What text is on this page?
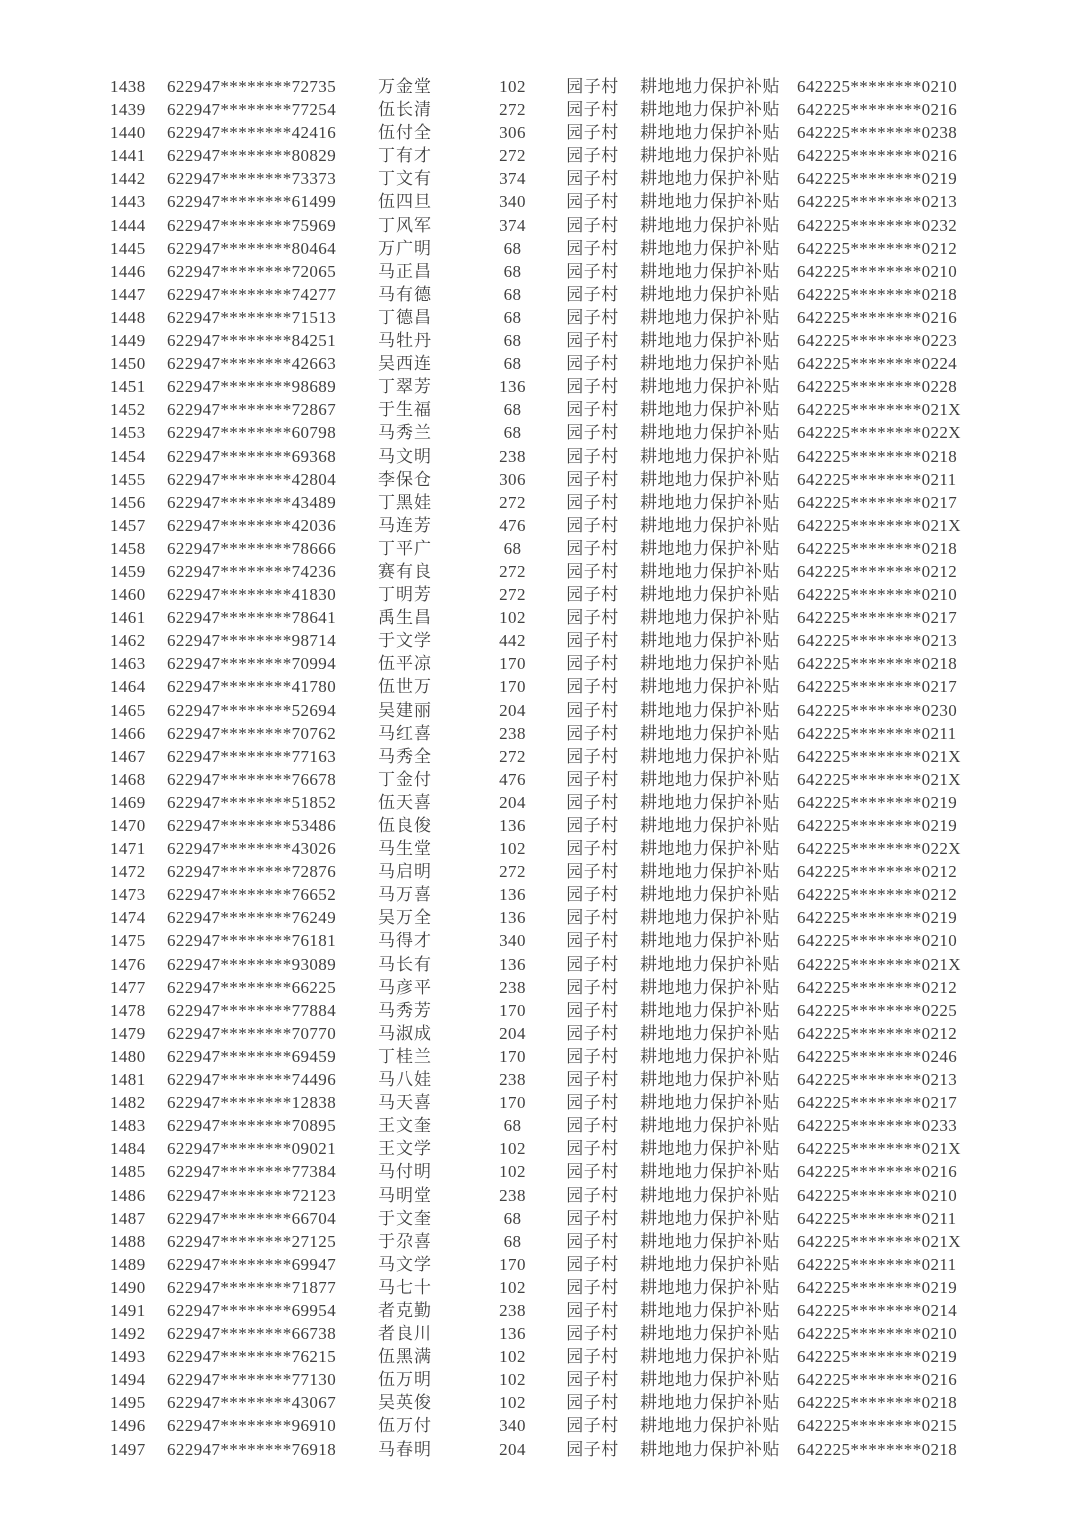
1438	622947********72735	万金堂	102	园子村	耕地地力保护补贴	642225********0210
1439	622947********77254	伍长清	272	园子村	耕地地力保护补贴	642225********0216
1440	622947********42416	伍付全	306	园子村	耕地地力保护补贴	642225********0238
1441	622947********80829	丁有才	272	园子村	耕地地力保护补贴	642225********0216
1442	622947********73373	丁文有	374	园子村	耕地地力保护补贴	642225********0219
1443	622947********61499	伍四旦	340	园子村	耕地地力保护补贴	642225********0213
1444	622947********75969	丁风军	374	园子村	耕地地力保护补贴	642225********0232
1445	622947********80464	万广明	68	园子村	耕地地力保护补贴	642225********0212
1446	622947********72065	马正昌	68	园子村	耕地地力保护补贴	642225********0210
1447	622947********74277	马有德	68	园子村	耕地地力保护补贴	642225********0218
1448	622947********71513	丁德昌	68	园子村	耕地地力保护补贴	642225********0216
1449	622947********84251	马牡丹	68	园子村	耕地地力保护补贴	642225********0223
1450	622947********42663	吴西连	68	园子村	耕地地力保护补贴	642225********0224
1451	622947********98689	丁翠芳	136	园子村	耕地地力保护补贴	642225********0228
1452	622947********72867	于生福	68	园子村	耕地地力保护补贴	642225********021X
1453	622947********60798	马秀兰	68	园子村	耕地地力保护补贴	642225********022X
1454	622947********69368	马文明	238	园子村	耕地地力保护补贴	642225********0218
1455	622947********42804	李保仓	306	园子村	耕地地力保护补贴	642225********0211
1456	622947********43489	丁黑娃	272	园子村	耕地地力保护补贴	642225********0217
1457	622947********42036	马连芳	476	园子村	耕地地力保护补贴	642225********021X
1458	622947********78666	丁平广	68	园子村	耕地地力保护补贴	642225********0218
1459	622947********74236	赛有良	272	园子村	耕地地力保护补贴	642225********0212
1460	622947********41830	丁明芳	272	园子村	耕地地力保护补贴	642225********0210
1461	622947********78641	禹生昌	102	园子村	耕地地力保护补贴	642225********0217
1462	622947********98714	于文学	442	园子村	耕地地力保护补贴	642225********0213
1463	622947********70994	伍平凉	170	园子村	耕地地力保护补贴	642225********0218
1464	622947********41780	伍世万	170	园子村	耕地地力保护补贴	642225********0217
1465	622947********52694	吴建丽	204	园子村	耕地地力保护补贴	642225********0230
1466	622947********70762	马红喜	238	园子村	耕地地力保护补贴	642225********0211
1467	622947********77163	马秀全	272	园子村	耕地地力保护补贴	642225********021X
1468	622947********76678	丁金付	476	园子村	耕地地力保护补贴	642225********021X
1469	622947********51852	伍天喜	204	园子村	耕地地力保护补贴	642225********0219
1470	622947********53486	伍良俊	136	园子村	耕地地力保护补贴	642225********0219
1471	622947********43026	马生堂	102	园子村	耕地地力保护补贴	642225********022X
1472	622947********72876	马启明	272	园子村	耕地地力保护补贴	642225********0212
1473	622947********76652	马万喜	136	园子村	耕地地力保护补贴	642225********0212
1474	622947********76249	吴万全	136	园子村	耕地地力保护补贴	642225********0219
1475	622947********76181	马得才	340	园子村	耕地地力保护补贴	642225********0210
1476	622947********93089	马长有	136	园子村	耕地地力保护补贴	642225********021X
1477	622947********66225	马彦平	238	园子村	耕地地力保护补贴	642225********0212
1478	622947********77884	马秀芳	170	园子村	耕地地力保护补贴	642225********0225
1479	622947********70770	马淑成	204	园子村	耕地地力保护补贴	642225********0212
1480	622947********69459	丁桂兰	170	园子村	耕地地力保护补贴	642225********0246
1481	622947********74496	马八娃	238	园子村	耕地地力保护补贴	642225********0213
1482	622947********12838	马天喜	170	园子村	耕地地力保护补贴	642225********0217
1483	622947********70895	王文奎	68	园子村	耕地地力保护补贴	642225********0233
1484	622947********09021	王文学	102	园子村	耕地地力保护补贴	642225********021X
1485	622947********77384	马付明	102	园子村	耕地地力保护补贴	642225********0216
1486	622947********72123	马明堂	238	园子村	耕地地力保护补贴	642225********0210
1487	622947********66704	于文奎	68	园子村	耕地地力保护补贴	642225********0211
1488	622947********27125	于尕喜	68	园子村	耕地地力保护补贴	642225********021X
1489	622947********69947	马文学	170	园子村	耕地地力保护补贴	642225********0211
1490	622947********71877	马七十	102	园子村	耕地地力保护补贴	642225********0219
1491	622947********69954	者克勤	238	园子村	耕地地力保护补贴	642225********0214
1492	622947********66738	者良川	136	园子村	耕地地力保护补贴	642225********0210
1493	622947********76215	伍黑满	102	园子村	耕地地力保护补贴	642225********0219
1494	622947********77130	伍万明	102	园子村	耕地地力保护补贴	642225********0216
1495	622947********43067	吴英俊	102	园子村	耕地地力保护补贴	642225********0218
1496	622947********96910	伍万付	340	园子村	耕地地力保护补贴	642225********0215
1497	622947********76918	马春明	204	园子村	耕地地力保护补贴	642225********0218
